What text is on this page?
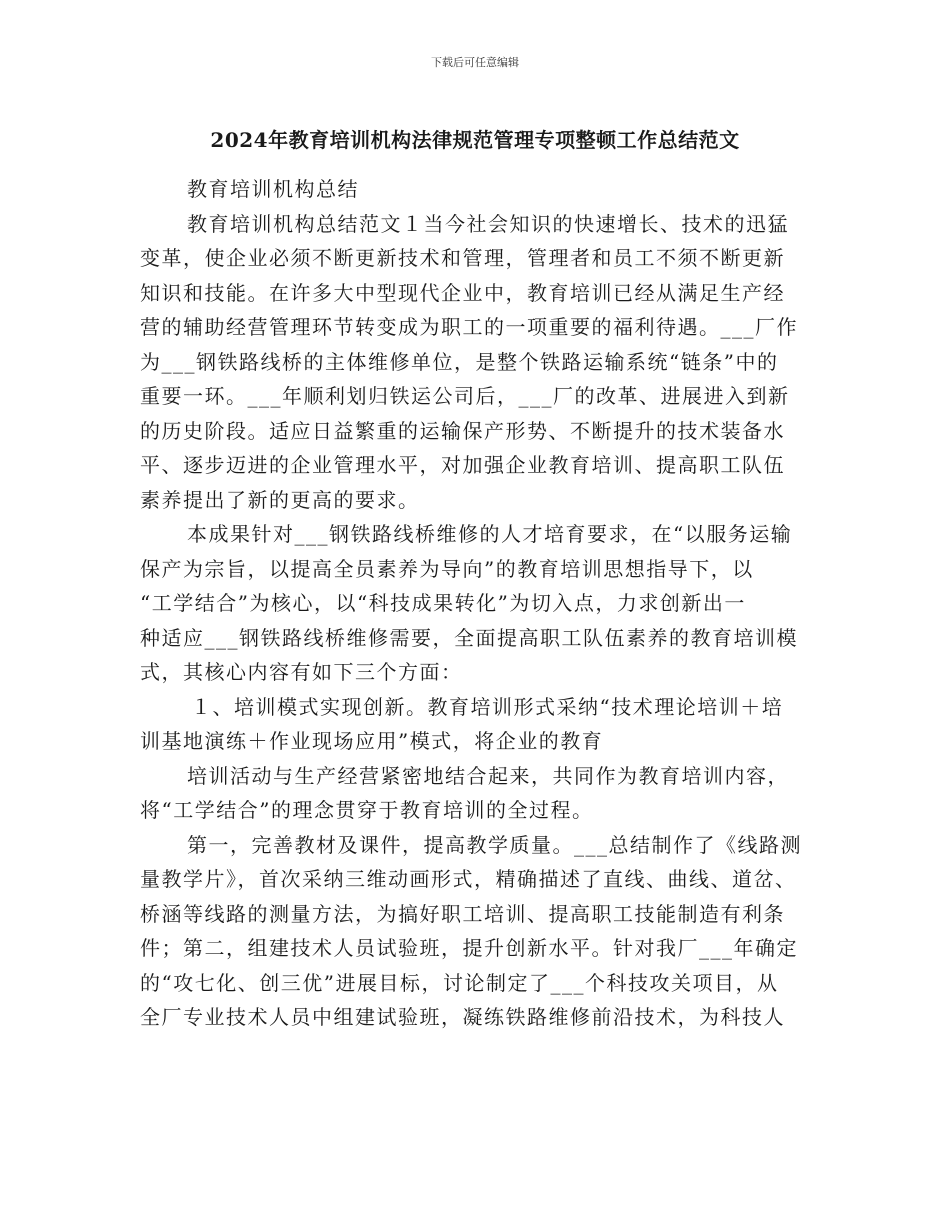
下载后可任意编辑
2024年教育培训机构法律规范管理专项整顿工作总结范文
教育培训机构总结
教育培训机构总结范文１当今社会知识的快速增长、技术的迅猛
变革，使企业必须不断更新技术和管理，管理者和员工不须不断更新
知识和技能。在许多大中型现代企业中，教育培训已经从满足生产经
营的辅助经营管理环节转变成为职工的一项重要的福利待遇。___厂作
为___钢铁路线桥的主体维修单位，是整个铁路运输系统“链条”中的
重要一环。___年顺利划归铁运公司后，___厂的改革、进展进入到新
的历史阶段。适应日益繁重的运输保产形势、不断提升的技术装备水
平、逐步迈进的企业管理水平，对加强企业教育培训、提高职工队伍
素养提出了新的更高的要求。
本成果针对___钢铁路线桥维修的人才培育要求，在“以服务运输
保产为宗旨，以提高全员素养为导向”的教育培训思想指导下，以
“工学结合”为核心，以“科技成果转化”为切入点，力求创新出一
种适应___钢铁路线桥维修需要，全面提高职工队伍素养的教育培训模
式，其核心内容有如下三个方面：
１、培训模式实现创新。教育培训形式采纳“技术理论培训＋培
训基地演练＋作业现场应用”模式，将企业的教育
培训活动与生产经营紧密地结合起来，共同作为教育培训内容，
将“工学结合”的理念贯穿于教育培训的全过程。
第一，完善教材及课件，提高教学质量。___总结制作了《线路测
量教学片》，首次采纳三维动画形式，精确描述了直线、曲线、道岔、
桥涵等线路的测量方法，为搞好职工培训、提高职工技能制造有利条
件；第二，组建技术人员试验班，提升创新水平。针对我厂___年确定
的“攻七化、创三优”进展目标，讨论制定了___个科技攻关项目，从
全厂专业技术人员中组建试验班，凝练铁路维修前沿技术，为科技人
